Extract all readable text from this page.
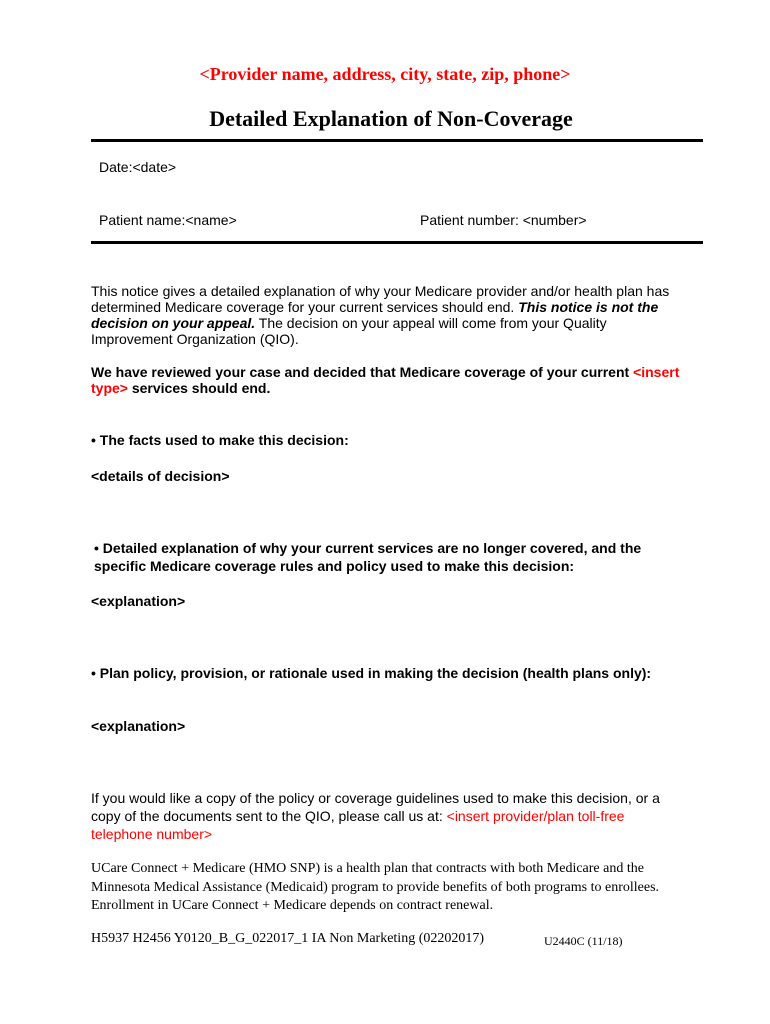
<Provider name, address, city, state, zip, phone>
Detailed Explanation of Non-Coverage
Date:<date>
Patient name:<name>	Patient number: <number>
This notice gives a detailed explanation of why your Medicare provider and/or health plan has determined Medicare coverage for your current services should end. This notice is not the decision on your appeal. The decision on your appeal will come from your Quality Improvement Organization (QIO).
We have reviewed your case and decided that Medicare coverage of your current <insert type> services should end.
• The facts used to make this decision:
<details of decision>
• Detailed explanation of why your current services are no longer covered, and the specific Medicare coverage rules and policy used to make this decision:
<explanation>
• Plan policy, provision, or rationale used in making the decision (health plans only):
<explanation>
If you would like a copy of the policy or coverage guidelines used to make this decision, or a copy of the documents sent to the QIO, please call us at: <insert provider/plan toll-free telephone number>
UCare Connect + Medicare (HMO SNP) is a health plan that contracts with both Medicare and the Minnesota Medical Assistance (Medicaid) program to provide benefits of both programs to enrollees. Enrollment in UCare Connect + Medicare depends on contract renewal.
H5937 H2456 Y0120_B_G_022017_1 IA Non Marketing (02202017)	U2440C (11/18)
